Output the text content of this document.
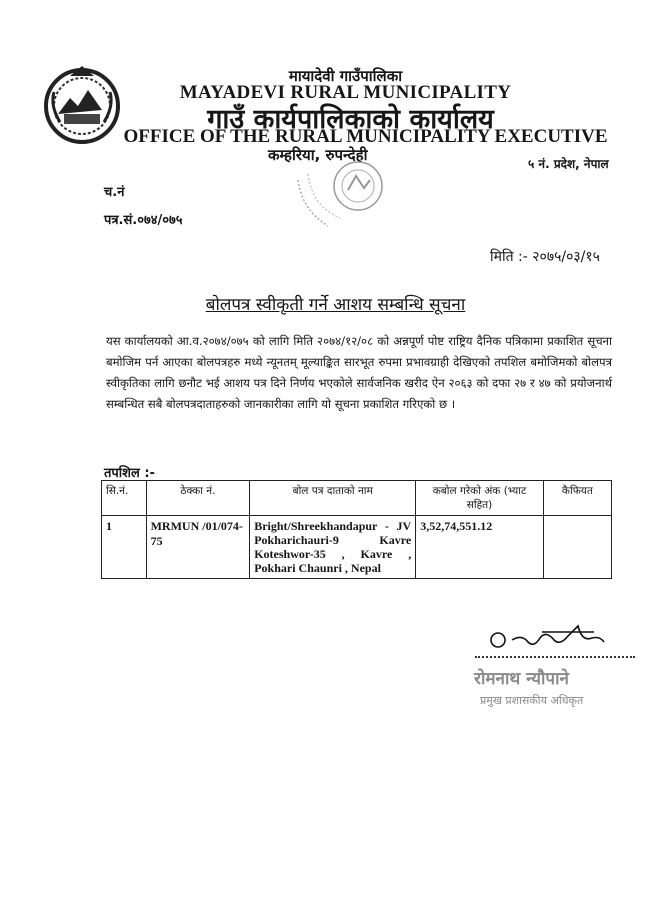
मायादेवी गाउँपालिका
MAYADEVI RURAL MUNICIPALITY
गाउँ कार्यपालिकाको कार्यालय
OFFICE OF THE RURAL MUNICIPALITY EXECUTIVE
कम्हरिया, रुपन्देही	५ नं. प्रदेश, नेपाल
च.नं
पत्र.सं.०७४/०७५
मिति :- २०७५/०३/१५
बोलपत्र स्वीकृती गर्ने आशय सम्बन्धि सूचना
यस कार्यालयको आ.व.२०७४/०७५ को लागि मिति २०७४/१२/०८ को अन्नपूर्ण पोष्ट राष्ट्रिय दैनिक पत्रिकामा प्रकाशित सूचना बमोजिम पर्न आएका बोलपत्रहरु मध्ये न्यूनतम् मूल्याङ्कित सारभूत रुपमा प्रभावग्राही देखिएको तपशिल बमोजिमको बोलपत्र स्वीकृतिका लागि छनौट भई आशय पत्र दिने निर्णय भएकोले सार्वजनिक खरीद ऐन २०६३ को दफा २७ र ४७ को प्रयोजनार्थ सम्बन्धित सबै बोलपत्रदाताहरुको जानकारीका लागि यो सूचना प्रकाशित गरिएको छ ।
तपशिल :-
सि.नं.	ठेक्का नं.	बोल पत्र दाताको नाम	कबोल गरेको अंक (भ्याट सहित)	कैफियत
1	MRMUN /01/074-75	Bright/Shreekhandapur - JV Pokharichauri-9 Kavre Koteshwor-35 , Kavre , Pokhari Chaunri , Nepal	3,52,74,551.12	
रोमनाथ न्यौपाने
प्रमुख प्रशासकीय अधिकृत
